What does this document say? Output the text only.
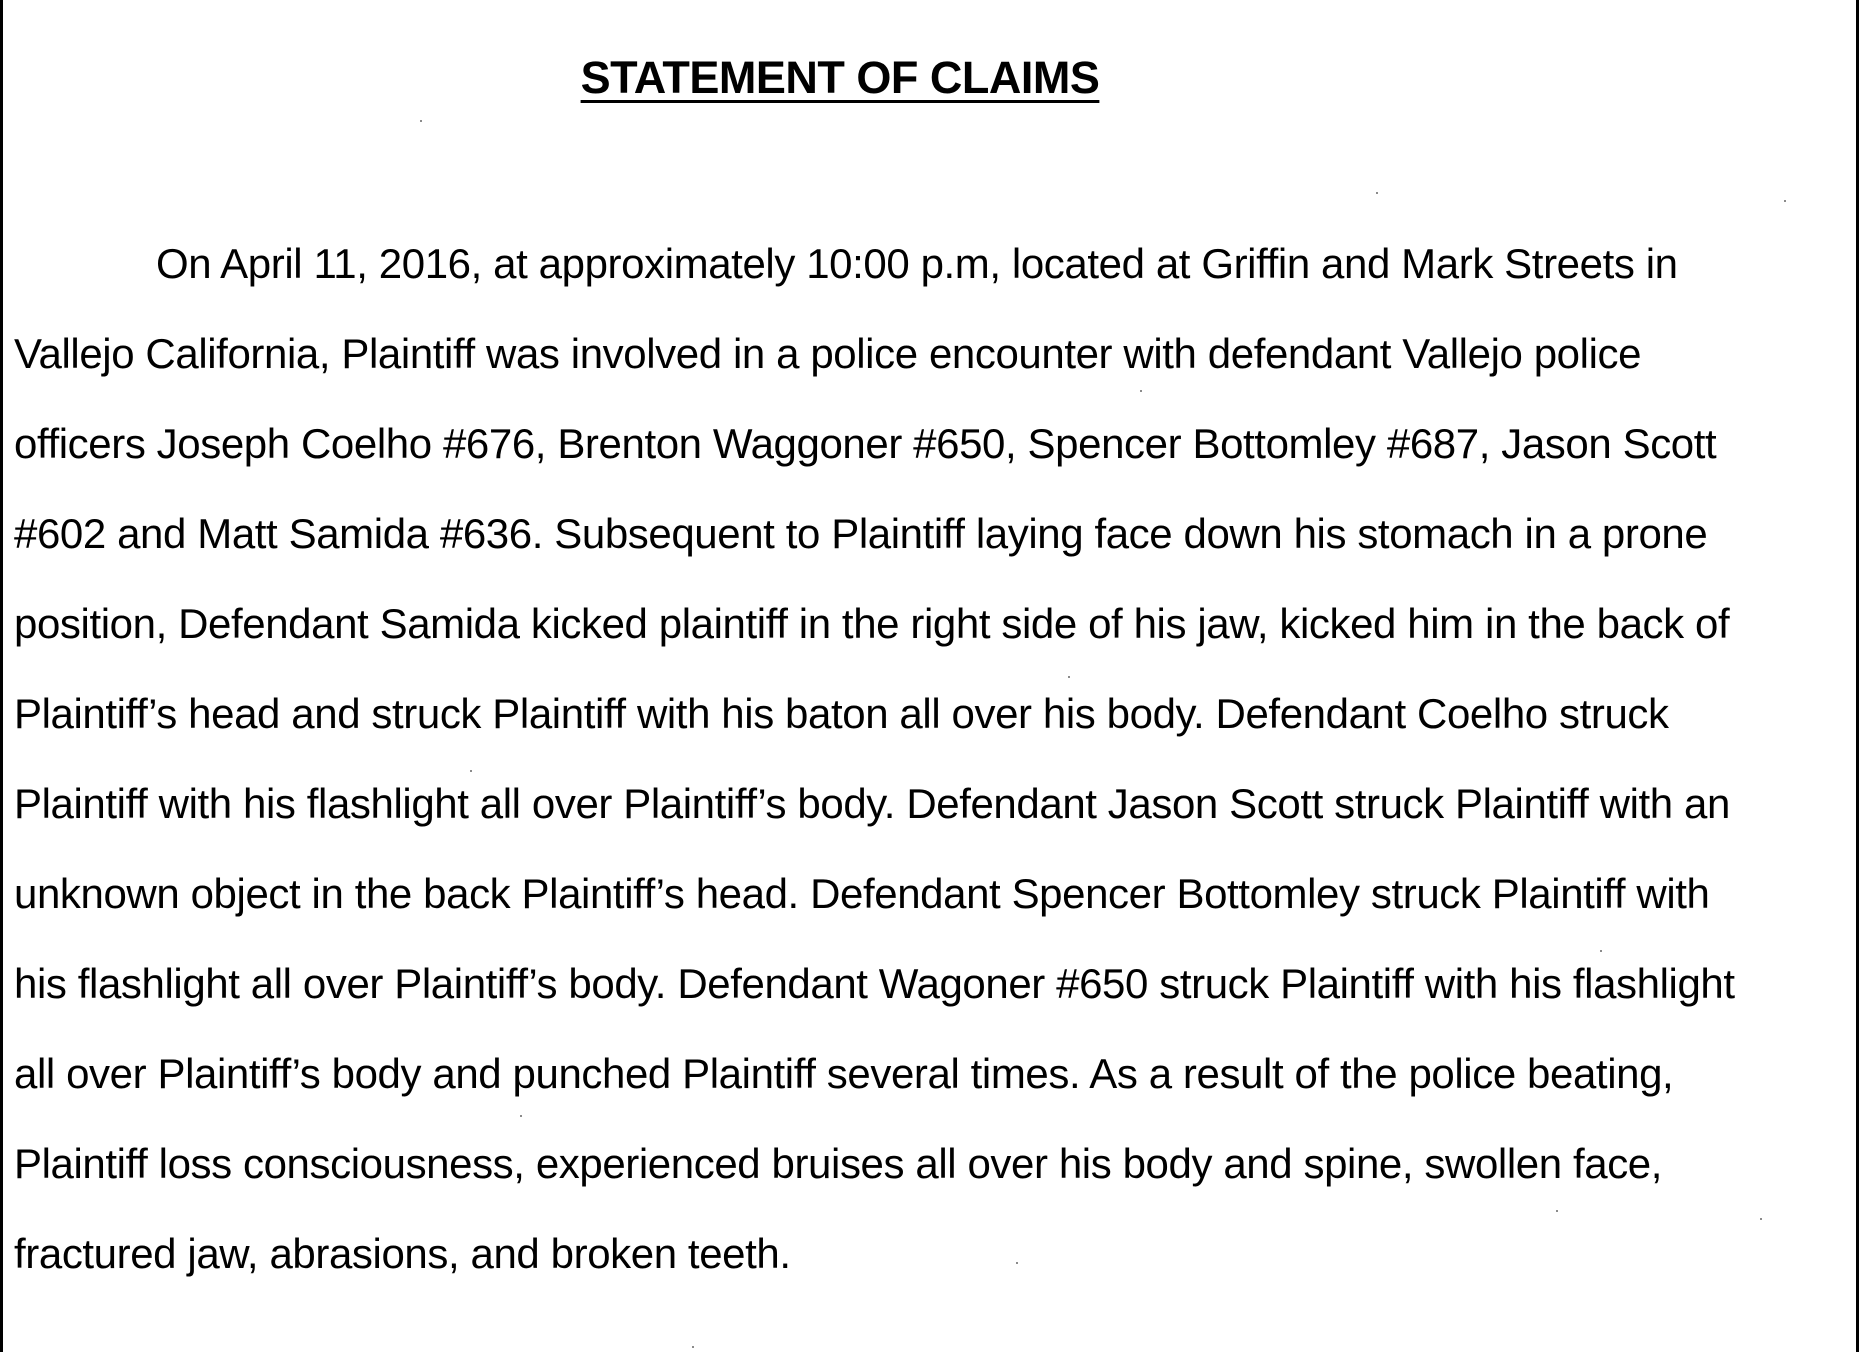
STATEMENT OF CLAIMS
On April 11, 2016, at approximately 10:00 p.m, located at Griffin and Mark Streets in
Vallejo California, Plaintiff was involved in a police encounter with defendant Vallejo police
officers Joseph Coelho #676, Brenton Waggoner #650, Spencer Bottomley #687, Jason Scott
#602 and Matt Samida #636. Subsequent to Plaintiff laying face down his stomach in a prone
position, Defendant Samida kicked plaintiff in the right side of his jaw, kicked him in the back of
Plaintiff’s head and struck Plaintiff with his baton all over his body. Defendant Coelho struck
Plaintiff with his flashlight all over Plaintiff’s body. Defendant Jason Scott struck Plaintiff with an
unknown object in the back Plaintiff’s head. Defendant Spencer Bottomley struck Plaintiff with
his flashlight all over Plaintiff’s body. Defendant Wagoner #650 struck Plaintiff with his flashlight
all over Plaintiff’s body and punched Plaintiff several times. As a result of the police beating,
Plaintiff loss consciousness, experienced bruises all over his body and spine, swollen face,
fractured jaw, abrasions, and broken teeth.
